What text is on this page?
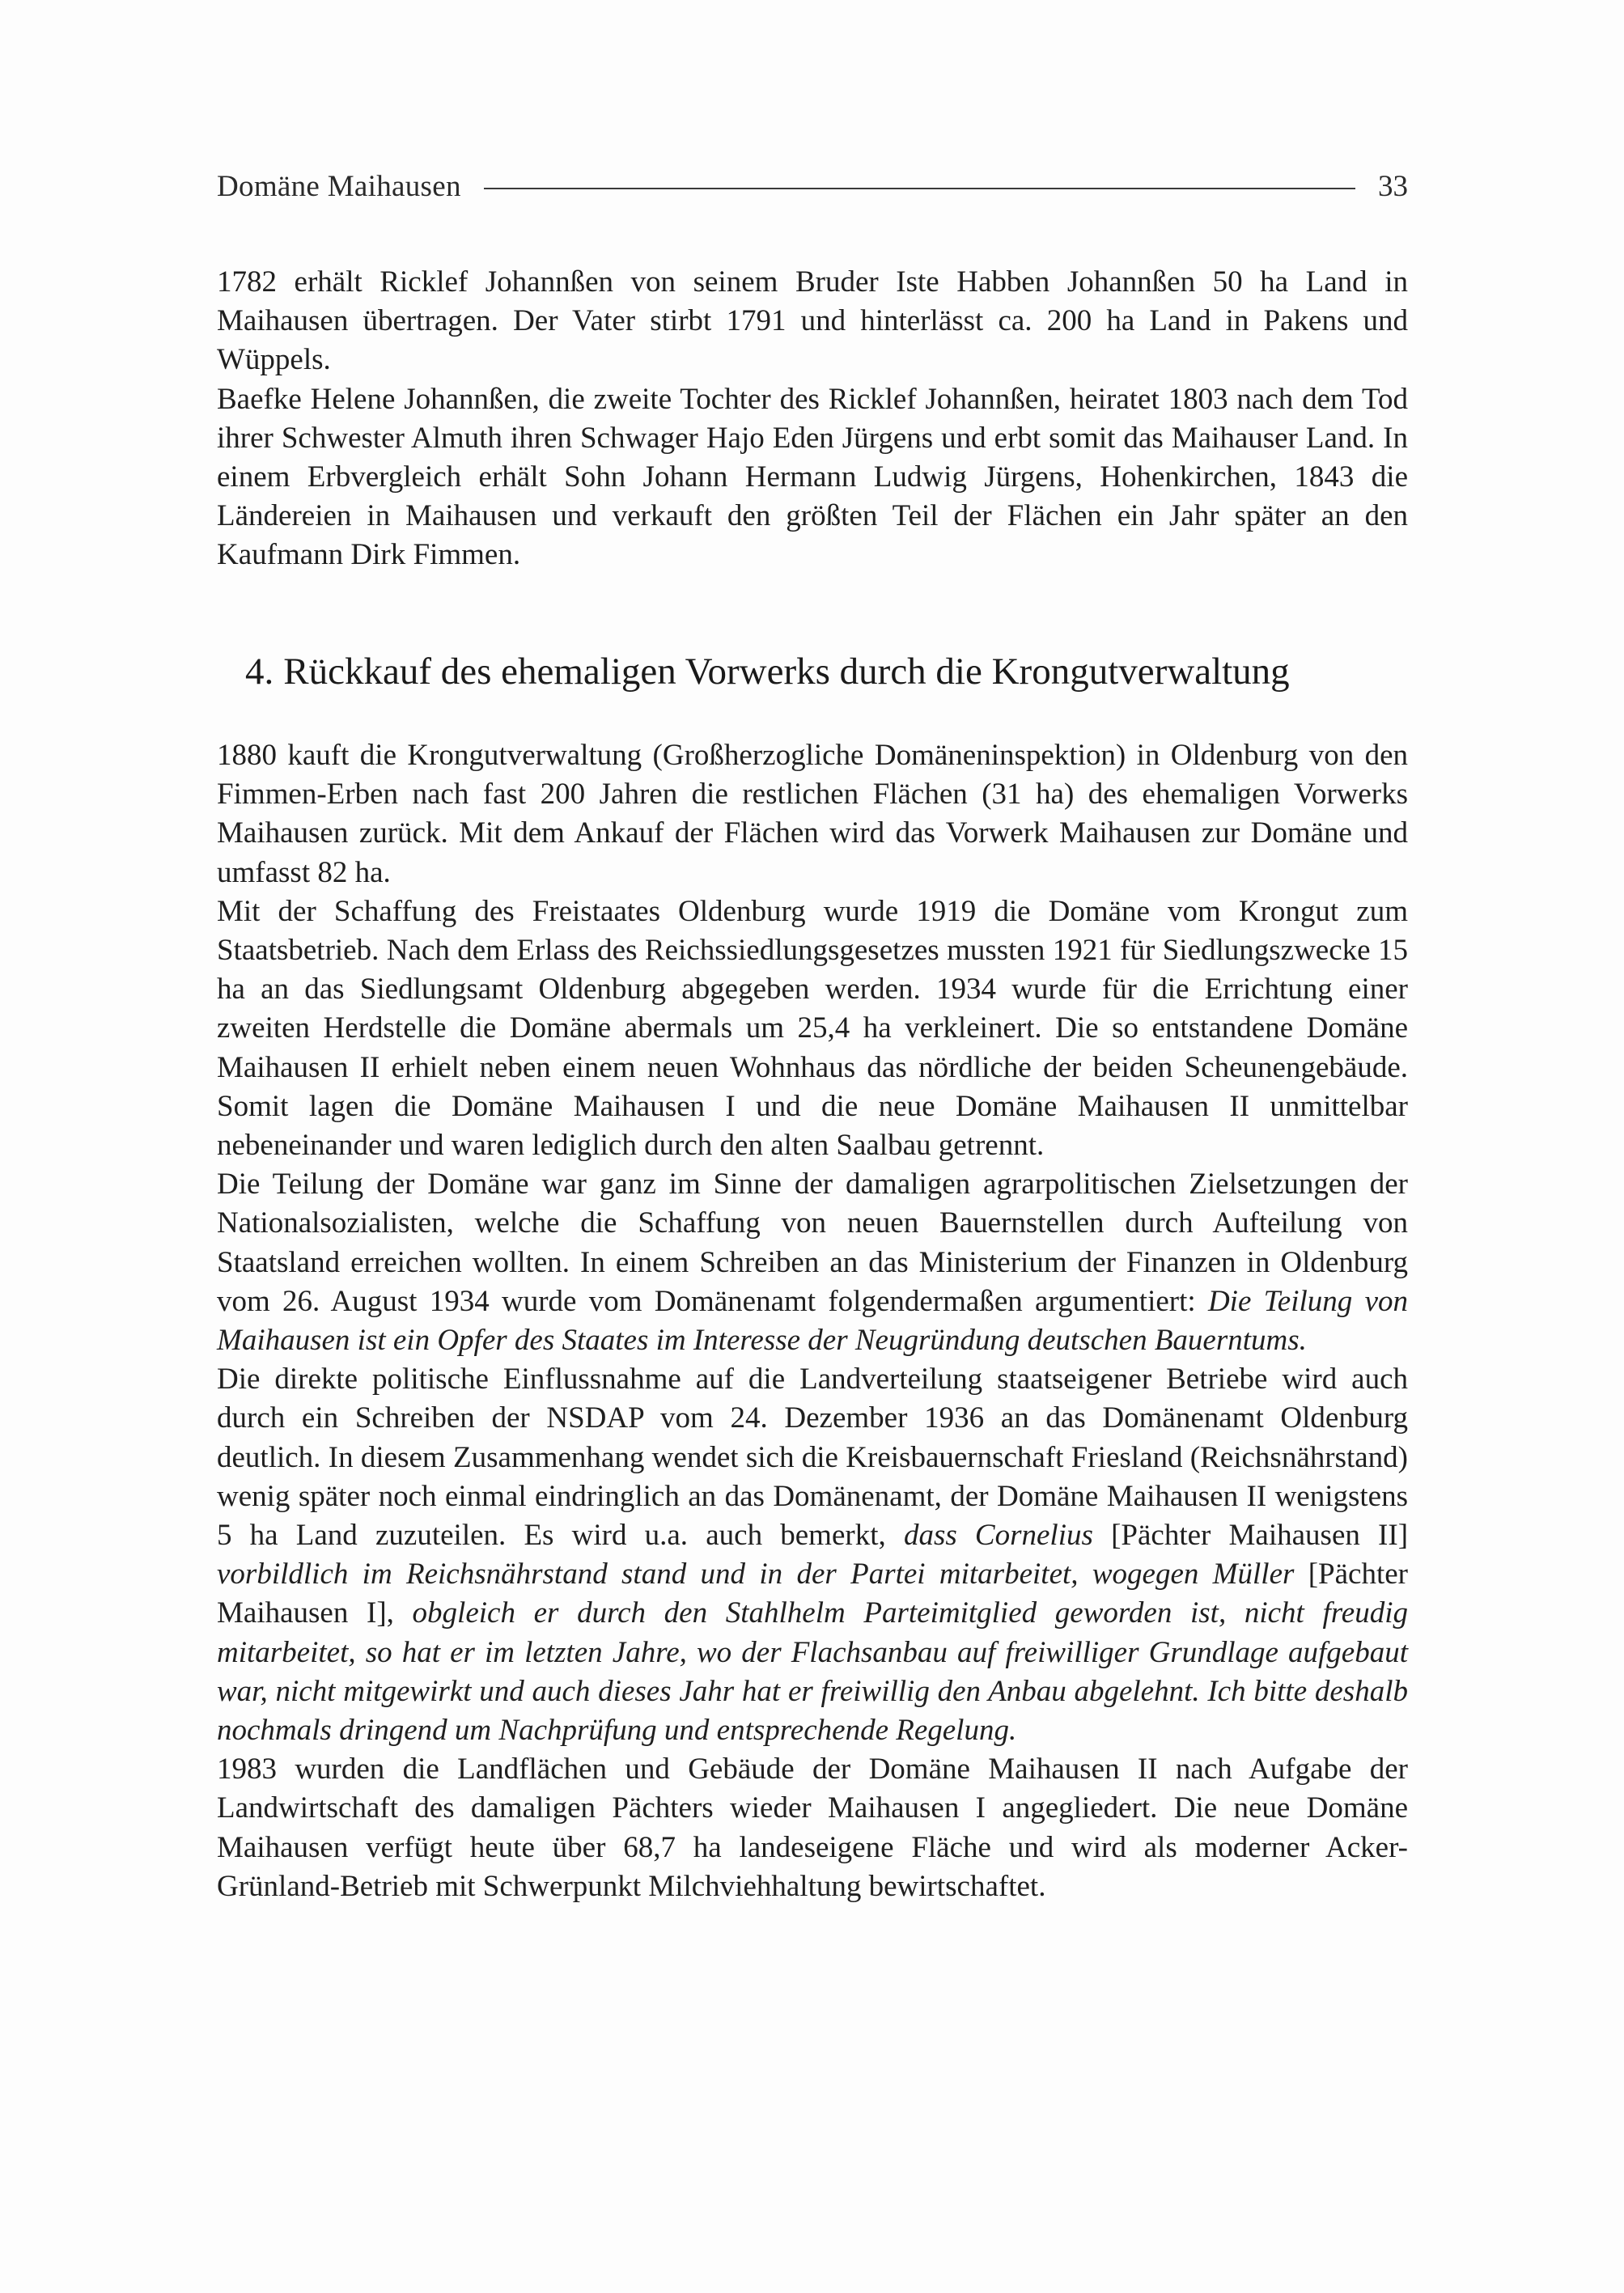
Domäne Maihausen	33

1782 erhält Ricklef Johannßen von seinem Bruder Iste Habben Johannßen 50 ha Land in Maihausen übertragen. Der Vater stirbt 1791 und hinterlässt ca. 200 ha Land in Pakens und Wüppels.

Baefke Helene Johannßen, die zweite Tochter des Ricklef Johannßen, heiratet 1803 nach dem Tod ihrer Schwester Almuth ihren Schwager Hajo Eden Jürgens und erbt somit das Maihauser Land. In einem Erbvergleich erhält Sohn Johann Hermann Ludwig Jürgens, Hohenkirchen, 1843 die Ländereien in Maihausen und verkauft den größten Teil der Flächen ein Jahr später an den Kaufmann Dirk Fimmen.

4. Rückkauf des ehemaligen Vorwerks durch die Krongutverwaltung

1880 kauft die Krongutverwaltung (Großherzogliche Domäneninspektion) in Oldenburg von den Fimmen-Erben nach fast 200 Jahren die restlichen Flächen (31 ha) des ehemaligen Vorwerks Maihausen zurück. Mit dem Ankauf der Flächen wird das Vorwerk Maihausen zur Domäne und umfasst 82 ha.

Mit der Schaffung des Freistaates Oldenburg wurde 1919 die Domäne vom Krongut zum Staatsbetrieb. Nach dem Erlass des Reichssiedlungsgesetzes mussten 1921 für Siedlungszwecke 15 ha an das Siedlungsamt Oldenburg abgegeben werden. 1934 wurde für die Errichtung einer zweiten Herdstelle die Domäne abermals um 25,4 ha verkleinert. Die so entstandene Domäne Maihausen II erhielt neben einem neuen Wohnhaus das nördliche der beiden Scheunengebäude. Somit lagen die Domäne Maihausen I und die neue Domäne Maihausen II unmittelbar nebeneinander und waren lediglich durch den alten Saalbau getrennt.

Die Teilung der Domäne war ganz im Sinne der damaligen agrarpolitischen Zielsetzungen der Nationalsozialisten, welche die Schaffung von neuen Bauernstellen durch Aufteilung von Staatsland erreichen wollten. In einem Schreiben an das Ministerium der Finanzen in Oldenburg vom 26. August 1934 wurde vom Domänenamt folgendermaßen argumentiert: Die Teilung von Maihausen ist ein Opfer des Staates im Interesse der Neugründung deutschen Bauerntums.

Die direkte politische Einflussnahme auf die Landverteilung staatseigener Betriebe wird auch durch ein Schreiben der NSDAP vom 24. Dezember 1936 an das Domänenamt Oldenburg deutlich. In diesem Zusammenhang wendet sich die Kreisbauernschaft Friesland (Reichsnährstand) wenig später noch einmal eindringlich an das Domänenamt, der Domäne Maihausen II wenigstens 5 ha Land zuzuteilen. Es wird u.a. auch bemerkt, dass Cornelius [Pächter Maihausen II] vorbildlich im Reichsnährstand stand und in der Partei mitarbeitet, wogegen Müller [Pächter Maihausen I], obgleich er durch den Stahlhelm Parteimitglied geworden ist, nicht freudig mitarbeitet, so hat er im letzten Jahre, wo der Flachsanbau auf freiwilliger Grundlage aufgebaut war, nicht mitgewirkt und auch dieses Jahr hat er freiwillig den Anbau abgelehnt. Ich bitte deshalb nochmals dringend um Nachprüfung und entsprechende Regelung.

1983 wurden die Landflächen und Gebäude der Domäne Maihausen II nach Aufgabe der Landwirtschaft des damaligen Pächters wieder Maihausen I angegliedert. Die neue Domäne Maihausen verfügt heute über 68,7 ha landeseigene Fläche und wird als moderner Acker-Grünland-Betrieb mit Schwerpunkt Milchviehhaltung bewirtschaftet.
